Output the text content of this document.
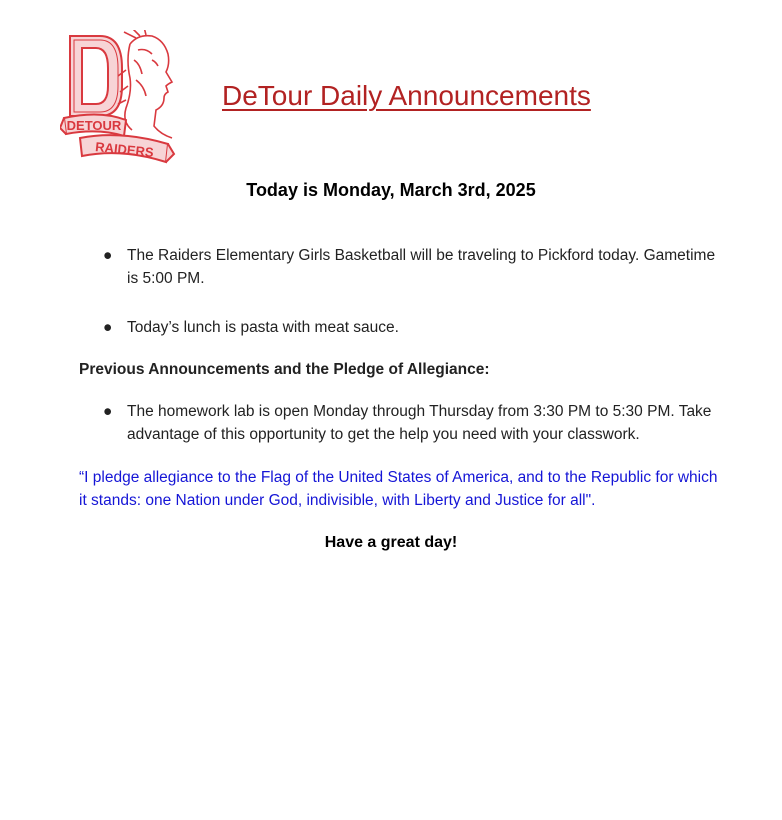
DETOUR
RAIDERS
DeTour Daily Announcements
Today is Monday, March 3rd, 2025
● The Raiders Elementary Girls Basketball will be traveling to Pickford today. Gametime is 5:00 PM.
● Today’s lunch is pasta with meat sauce.
Previous Announcements and the Pledge of Allegiance:
● The homework lab is open Monday through Thursday from 3:30 PM to 5:30 PM. Take advantage of this opportunity to get the help you need with your classwork.
“I pledge allegiance to the Flag of the United States of America, and to the Republic for which it stands: one Nation under God, indivisible, with Liberty and Justice for all".
Have a great day!
